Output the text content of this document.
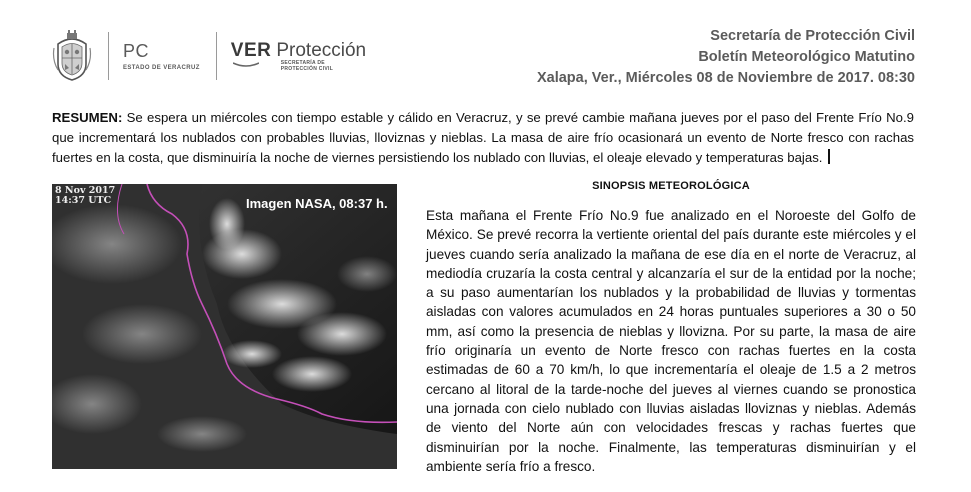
PC
ESTADO DE VERACRUZ
VER Protección
SECRETARÍA DE PROTECCIÓN CIVIL
Secretaría de Protección Civil
Boletín Meteorológico Matutino
Xalapa, Ver., Miércoles 08 de Noviembre de 2017. 08:30
RESUMEN: Se espera un miércoles con tiempo estable y cálido en Veracruz, y se prevé cambie mañana jueves por el paso del Frente Frío No.9 que incrementará los nublados con probables lluvias, lloviznas y nieblas. La masa de aire frío ocasionará un evento de Norte fresco con rachas fuertes en la costa, que disminuiría la noche de viernes persistiendo los nublado con lluvias, el oleaje elevado y temperaturas bajas.
8 Nov 2017
14:37 UTC	Imagen NASA, 08:37 h.
SINOPSIS METEOROLÓGICA
Esta mañana el Frente Frío No.9 fue analizado en el Noroeste del Golfo de México. Se prevé recorra la vertiente oriental del país durante este miércoles y el jueves cuando sería analizado la mañana de ese día en el norte de Veracruz, al mediodía cruzaría la costa central y alcanzaría el sur de la entidad por la noche; a su paso aumentarían los nublados y la probabilidad de lluvias y tormentas aisladas con valores acumulados en 24 horas puntuales superiores a 30 o 50 mm, así como la presencia de nieblas y llovizna. Por su parte, la masa de aire frío originaría un evento de Norte fresco con rachas fuertes en la costa estimadas de 60 a 70 km/h, lo que incrementaría el oleaje de 1.5 a 2 metros cercano al litoral de la tarde-noche del jueves al viernes cuando se pronostica una jornada con cielo nublado con lluvias aisladas lloviznas y nieblas. Además de viento del Norte aún con velocidades frescas y rachas fuertes que disminuirían por la noche. Finalmente, las temperaturas disminuirían y el ambiente sería frío a fresco.
